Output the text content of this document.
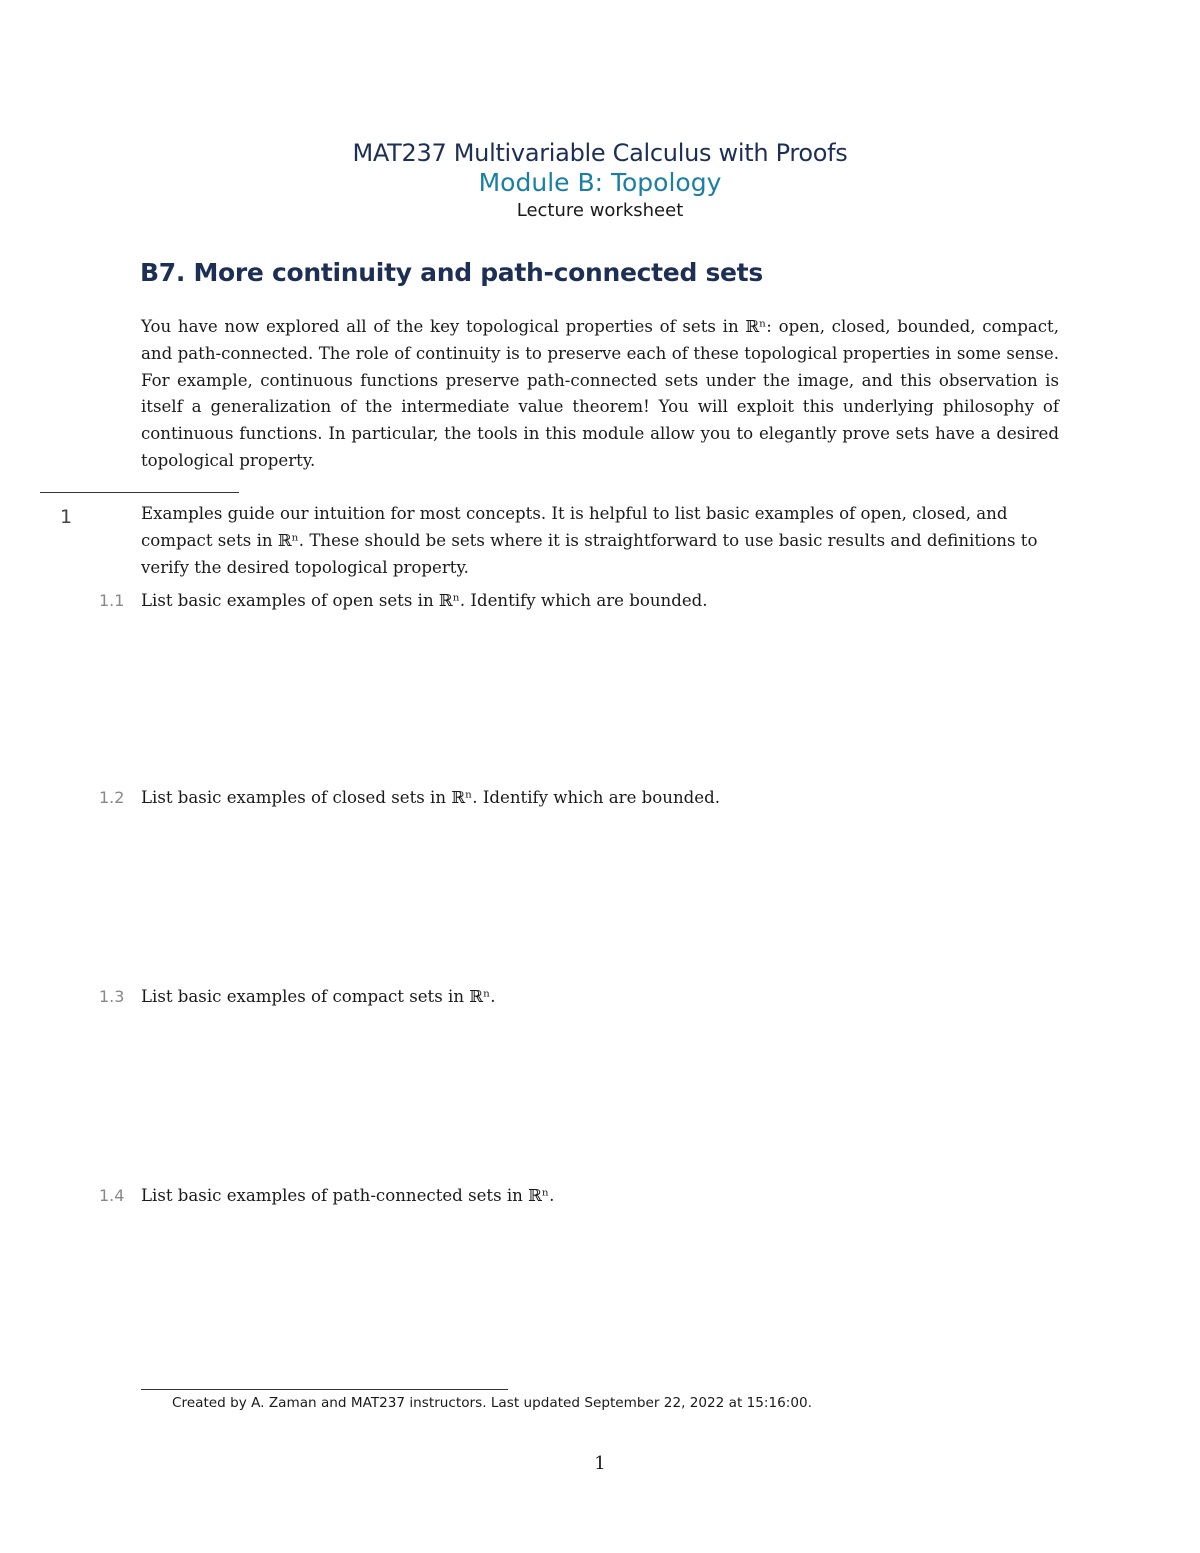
MAT237 Multivariable Calculus with Proofs
Module B: Topology
Lecture worksheet
B7. More continuity and path-connected sets
You have now explored all of the key topological properties of sets in ℝⁿ: open, closed, bounded, compact, and path-connected. The role of continuity is to preserve each of these topological properties in some sense. For example, continuous functions preserve path-connected sets under the image, and this observation is itself a generalization of the intermediate value theorem! You will exploit this underlying philosophy of continuous functions. In particular, the tools in this module allow you to elegantly prove sets have a desired topological property.
1	Examples guide our intuition for most concepts. It is helpful to list basic examples of open, closed, and compact sets in ℝⁿ. These should be sets where it is straightforward to use basic results and definitions to verify the desired topological property.
1.1 List basic examples of open sets in ℝⁿ. Identify which are bounded.
1.2 List basic examples of closed sets in ℝⁿ. Identify which are bounded.
1.3 List basic examples of compact sets in ℝⁿ.
1.4 List basic examples of path-connected sets in ℝⁿ.
Created by A. Zaman and MAT237 instructors. Last updated September 22, 2022 at 15:16:00.
1
